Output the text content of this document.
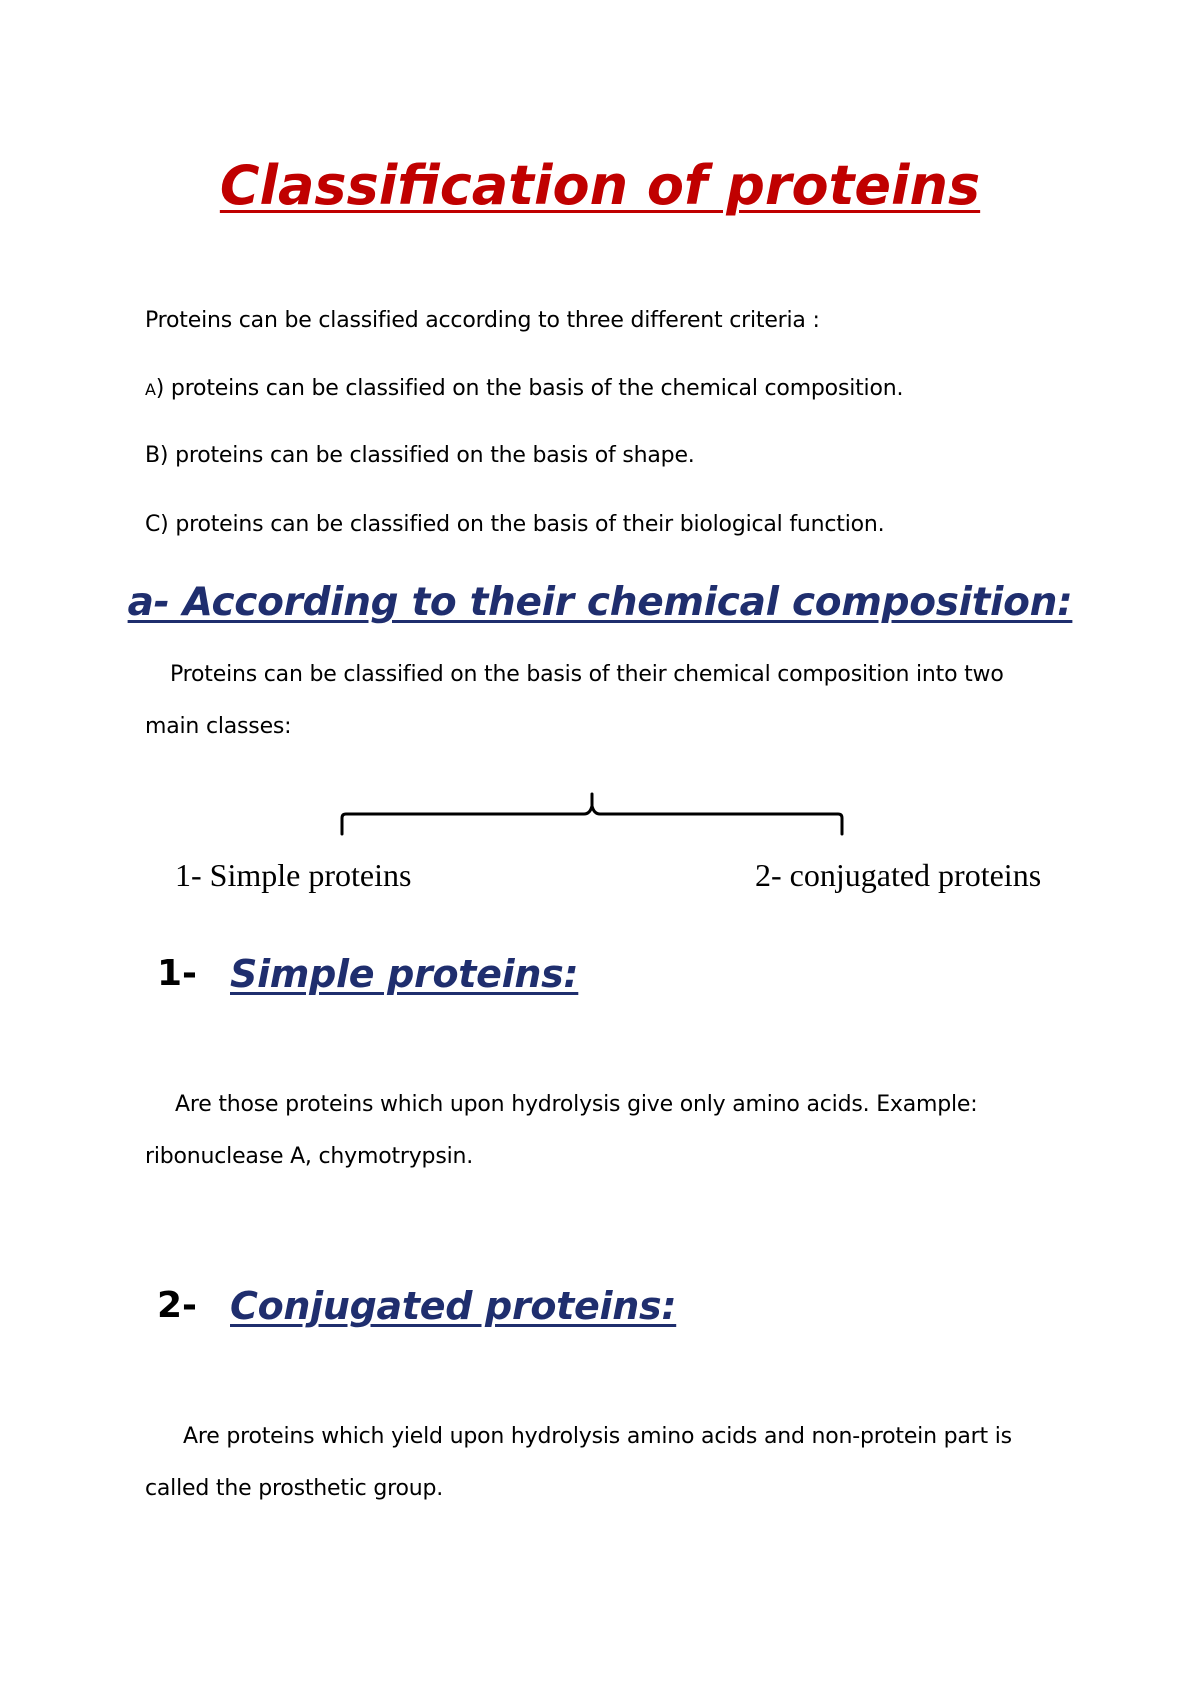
Classification of proteins
Proteins can be classified according to three different criteria :
A) proteins can be classified on the basis of the chemical composition.
B) proteins can be classified on the basis of shape.
C) proteins can be classified on the basis of their biological function.
a- According to their chemical composition:
Proteins can be classified on the basis of their chemical composition into two
main classes:
1- Simple proteins	2- conjugated proteins
1- Simple proteins:
Are those proteins which upon hydrolysis give only amino acids. Example:
ribonuclease A, chymotrypsin.
2- Conjugated proteins:
Are proteins which yield upon hydrolysis amino acids and non-protein part is
called the prosthetic group.
